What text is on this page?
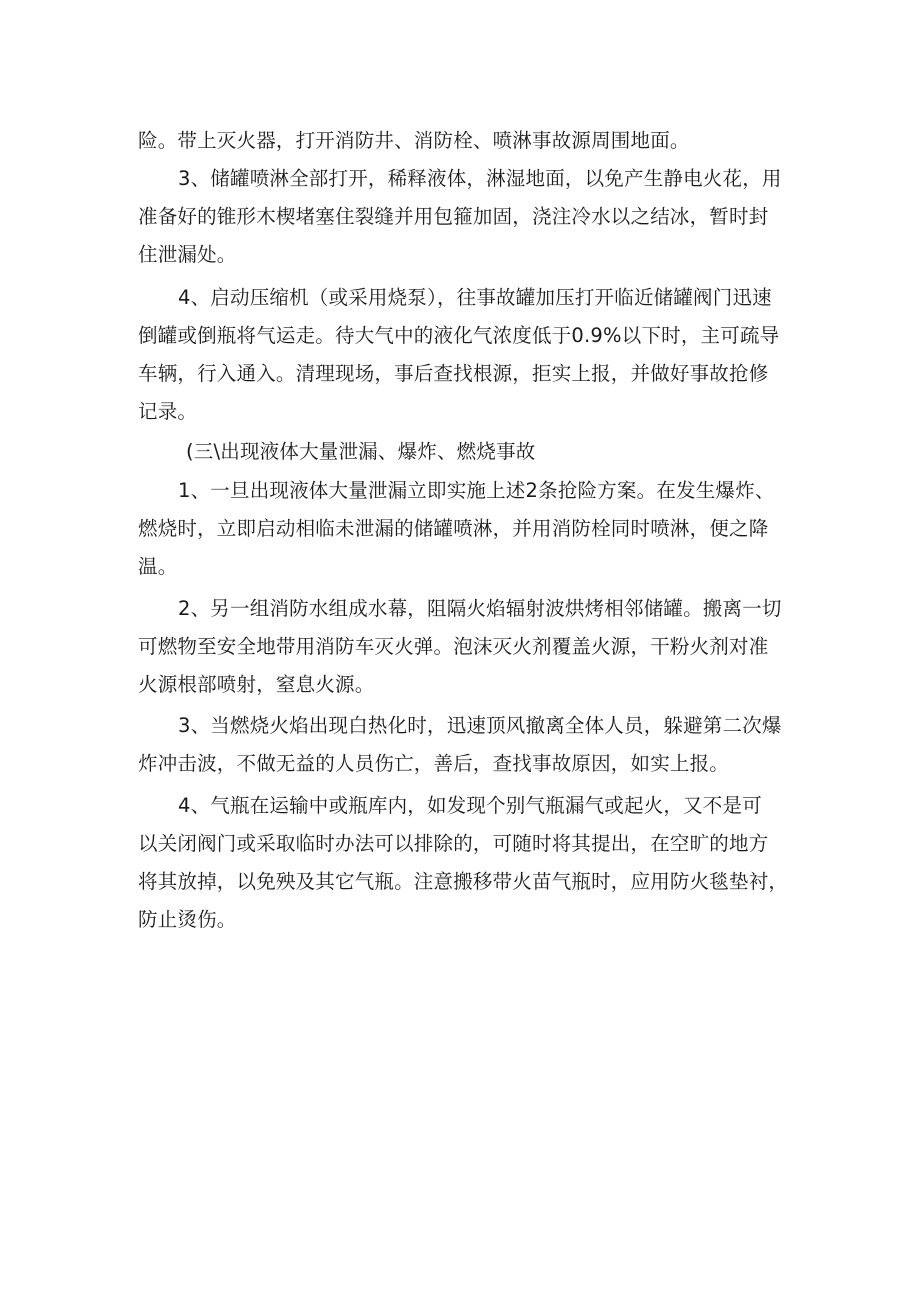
险。带上灭火器，打开消防井、消防栓、喷淋事故源周围地面。
3、储罐喷淋全部打开，稀释液体，淋湿地面，以免产生静电火花，用
准备好的锥形木楔堵塞住裂缝并用包箍加固，浇注冷水以之结冰，暂时封
住泄漏处。
4、启动压缩机（或采用烧泵），往事故罐加压打开临近储罐阀门迅速
倒罐或倒瓶将气运走。待大气中的液化气浓度低于0.9%以下时，主可疏导
车辆，行入通入。清理现场，事后查找根源，拒实上报，并做好事故抢修
记录。
(三\出现液体大量泄漏、爆炸、燃烧事故
1、一旦出现液体大量泄漏立即实施上述2条抢险方案。在发生爆炸、
燃烧时，立即启动相临未泄漏的储罐喷淋，并用消防栓同时喷淋，便之降
温。
2、另一组消防水组成水幕，阻隔火焰辐射波烘烤相邻储罐。搬离一切
可燃物至安全地带用消防车灭火弹。泡沫灭火剂覆盖火源，干粉火剂对准
火源根部喷射，窒息火源。
3、当燃烧火焰出现白热化时，迅速顶风撤离全体人员，躲避第二次爆
炸冲击波，不做无益的人员伤亡，善后，查找事故原因，如实上报。
4、气瓶在运输中或瓶库内，如发现个别气瓶漏气或起火，又不是可
以关闭阀门或采取临时办法可以排除的，可随时将其提出，在空旷的地方
将其放掉，以免殃及其它气瓶。注意搬移带火苗气瓶时，应用防火毯垫衬，
防止烫伤。
